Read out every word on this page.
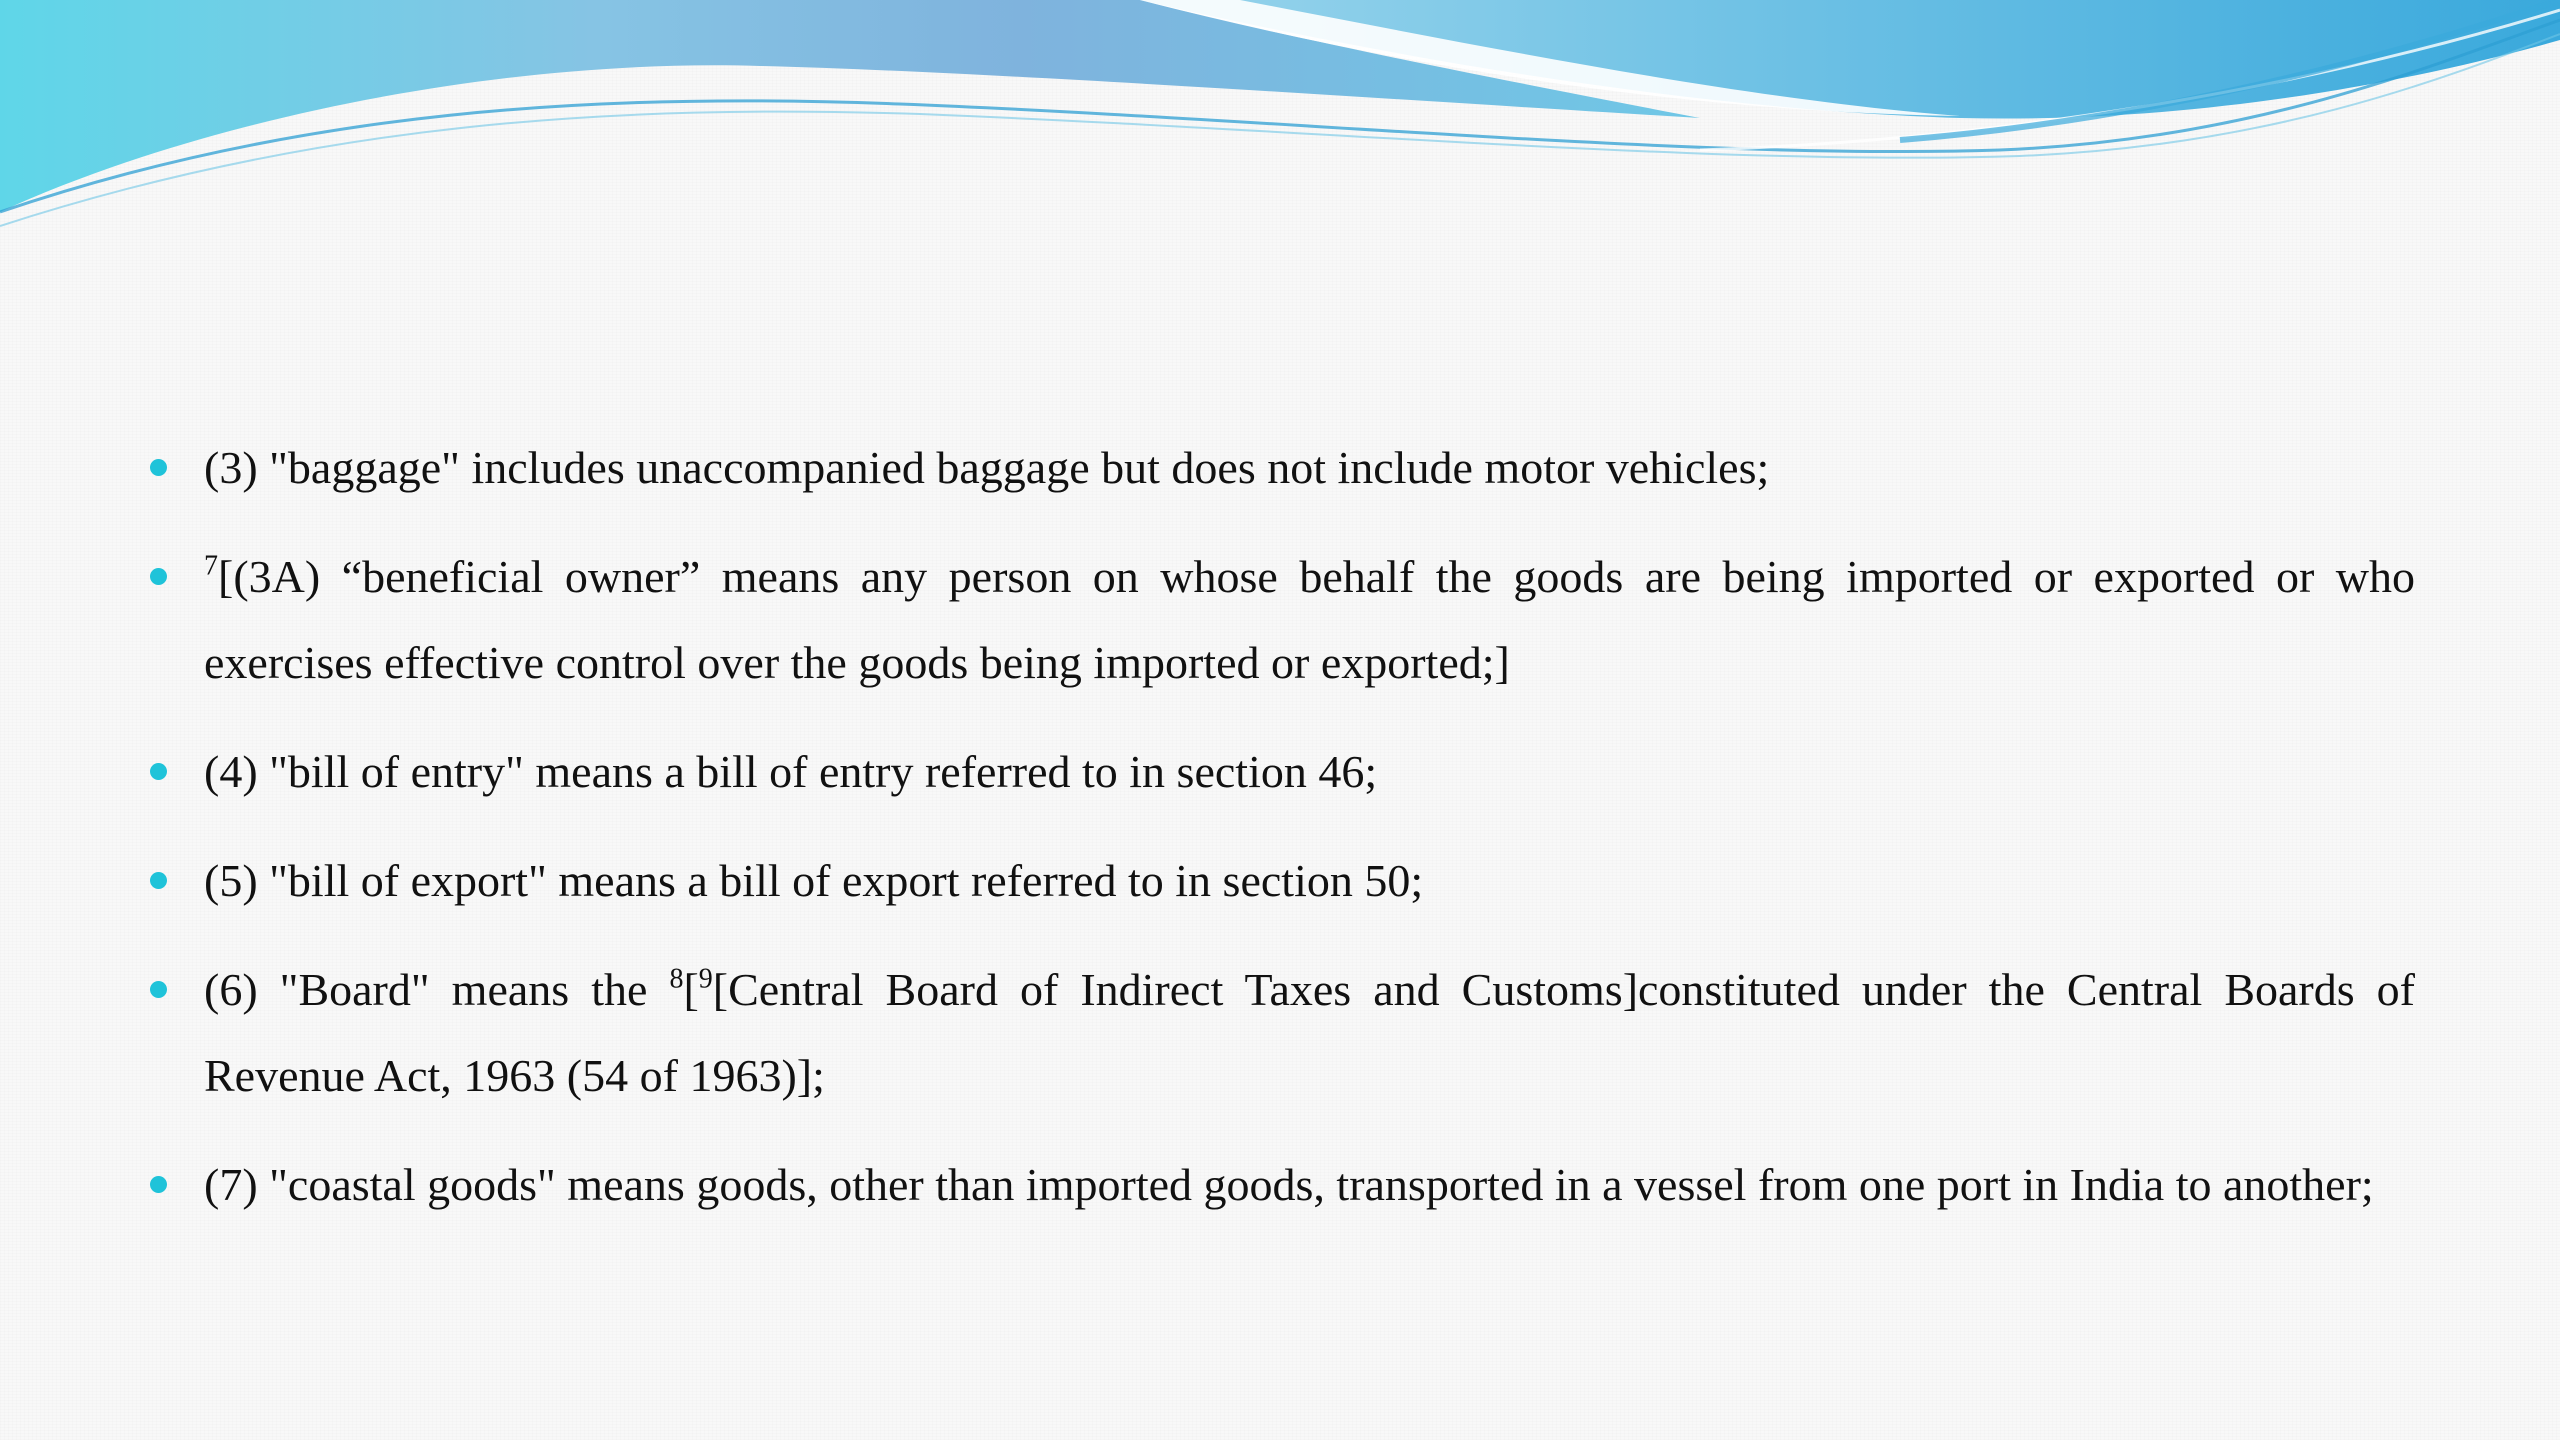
(3) "baggage" includes unaccompanied baggage but does not include motor vehicles;
$^7$[(3A) “beneficial owner” means any person on whose behalf the goods are being imported or exported or who exercises effective control over the goods being imported or exported;]
(4) "bill of entry" means a bill of entry referred to in section 46;
(5) "bill of export" means a bill of export referred to in section 50;
(6) "Board" means the $^8$[$^9$[Central Board of Indirect Taxes and Customs]constituted under the Central Boards of Revenue Act, 1963 (54 of 1963)];
(7) "coastal goods" means goods, other than imported goods, transported in a vessel from one port in India to another;
